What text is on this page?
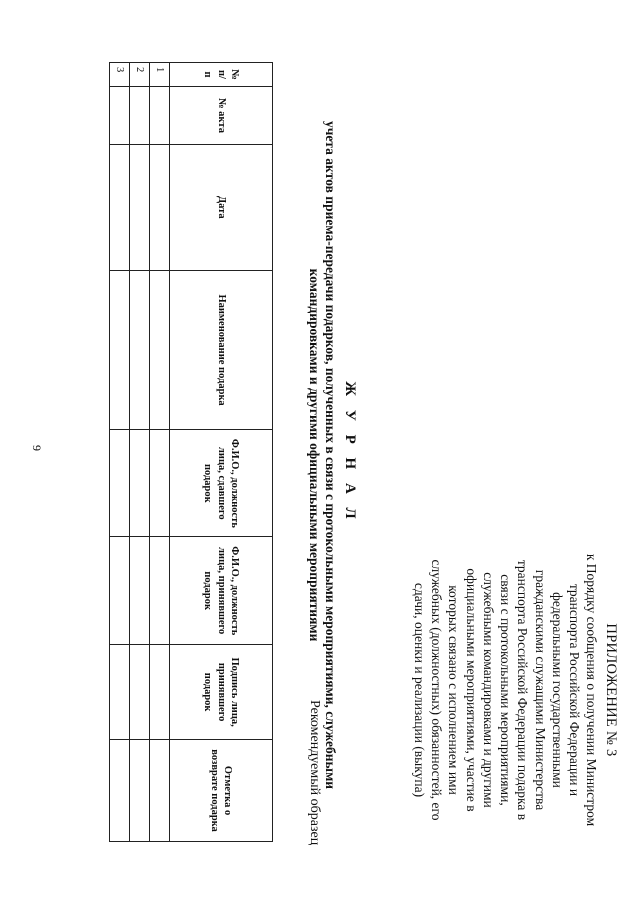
9
ПРИЛОЖЕНИЕ № 3
к Порядку сообщения о получении Министром
транспорта Российской Федерации и
федеральными государственными
гражданскими служащими Министерства
транспорта Российской Федерации подарка в
связи с протокольными мероприятиями,
служебными командировками и другими
официальными мероприятиями, участие в
которых связано с исполнением ими
служебных (должностных) обязанностей, его
сдачи, оценки и реализации (выкупа)
Рекомендуемый образец
Ж У Р Н А Л
учета актов приема-передачи подарков, полученных в связи с протокольными мероприятиями, служебными
командировками и другими официальными мероприятиями
№ п/п	№ акта	Дата	Наименование подарка	Ф.И.О., должность лица, сдавшего подарок	Ф.И.О., должность лица, принявшего подарок	Подпись лица, принявшего подарок	Отметка о возврате подарка
1							
2							
3							
